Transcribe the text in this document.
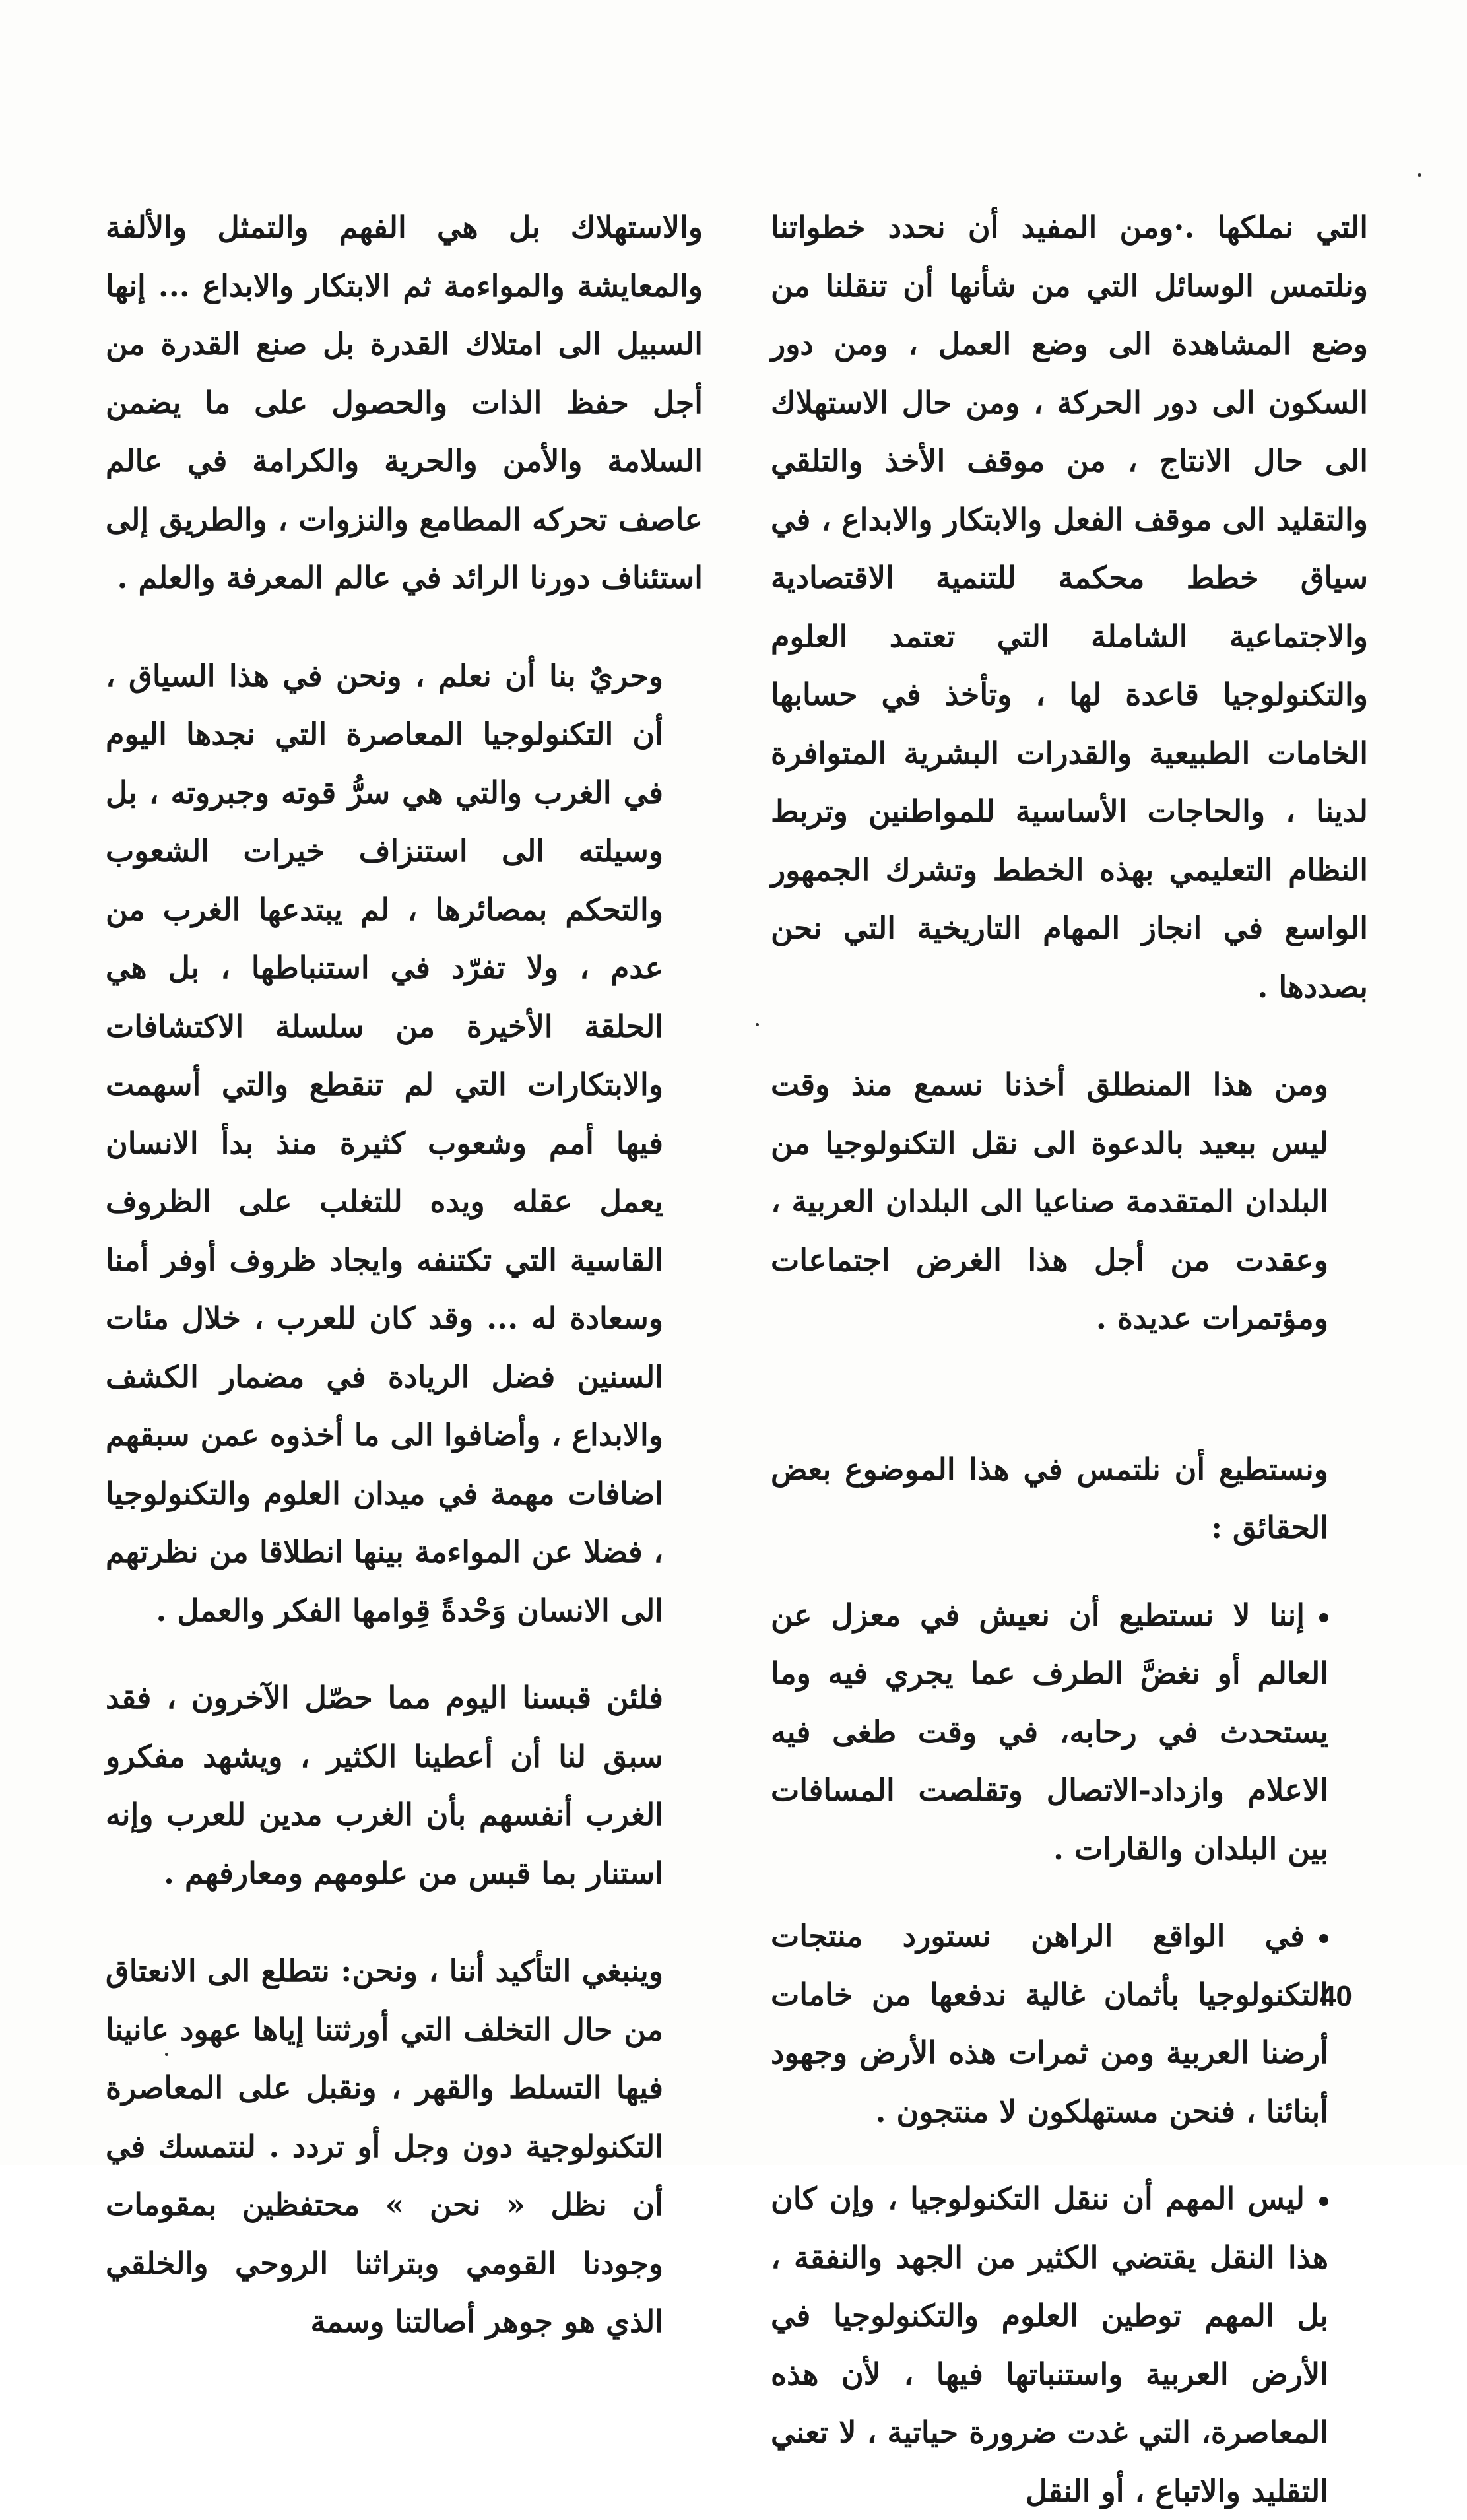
التي نملكها .·ومن المفيد أن نحدد خطواتنا ونلتمس الوسائل التي من شأنها أن تنقلنا من وضع المشاهدة الى وضع العمل ، ومن دور السكون الى دور الحركة ، ومن حال الاستهلاك الى حال الانتاج ، من موقف الأخذ والتلقي والتقليد الى موقف الفعل والابتكار والابداع ، في سياق خطط محكمة للتنمية الاقتصادية والاجتماعية الشاملة التي تعتمد العلوم والتكنولوجيا قاعدة لها ، وتأخذ في حسابها الخامات الطبيعية والقدرات البشرية المتوافرة لدينا ، والحاجات الأساسية للمواطنين وتربط النظام التعليمي بهذه الخطط وتشرك الجمهور الواسع في انجاز المهام التاريخية التي نحن بصددها .

ومن هذا المنطلق أخذنا نسمع منذ وقت ليس ببعيد بالدعوة الى نقل التكنولوجيا من البلدان المتقدمة صناعيا الى البلدان العربية ، وعقدت من أجل هذا الغرض اجتماعات ومؤتمرات عديدة .

ونستطيع أن نلتمس في هذا الموضوع بعض الحقائق :

إننا لا نستطيع أن نعيش في معزل عن العالم أو نغضَّ الطرف عما يجري فيه وما يستحدث في رحابه، في وقت طغى فيه الاعلام وازداد-الاتصال وتقلصت المسافات بين البلدان والقارات .

في الواقع الراهن نستورد منتجات التكنولوجيا بأثمان غالية ندفعها من خامات أرضنا العربية ومن ثمرات هذه الأرض وجهود أبنائنا ، فنحن مستهلكون لا منتجون .

ليس المهم أن ننقل التكنولوجيا ، وإن كان هذا النقل يقتضي الكثير من الجهد والنفقة ، بل المهم توطين العلوم والتكنولوجيا في الأرض العربية واستنباتها فيها ، لأن هذه المعاصرة، التي غدت ضرورة حياتية ، لا تعني التقليد والاتباع ، أو النقل

والاستهلاك بل هي الفهم والتمثل والألفة والمعايشة والمواءمة ثم الابتكار والابداع ... إنها السبيل الى امتلاك القدرة بل صنع القدرة من أجل حفظ الذات والحصول على ما يضمن السلامة والأمن والحرية والكرامة في عالم عاصف تحركه المطامع والنزوات ، والطريق إلى استئناف دورنا الرائد في عالم المعرفة والعلم .

وحريٌ بنا أن نعلم ، ونحن في هذا السياق ، أن التكنولوجيا المعاصرة التي نجدها اليوم في الغرب والتي هي سرُّ قوته وجبروته ، بل وسيلته الى استنزاف خيرات الشعوب والتحكم بمصائرها ، لم يبتدعها الغرب من عدم ، ولا تفرّد في استنباطها ، بل هي الحلقة الأخيرة من سلسلة الاكتشافات والابتكارات التي لم تنقطع والتي أسهمت فيها أمم وشعوب كثيرة منذ بدأ الانسان يعمل عقله ويده للتغلب على الظروف القاسية التي تكتنفه وايجاد ظروف أوفر أمنا وسعادة له ... وقد كان للعرب ، خلال مئات السنين فضل الريادة في مضمار الكشف والابداع ، وأضافوا الى ما أخذوه عمن سبقهم اضافات مهمة في ميدان العلوم والتكنولوجيا ، فضلا عن المواءمة بينها انطلاقا من نظرتهم الى الانسان وَحْدةً قِوامها الفكر والعمل .

فلئن قبسنا اليوم مما حصّل الآخرون ، فقد سبق لنا أن أعطينا الكثير ، ويشهد مفكرو الغرب أنفسهم بأن الغرب مدين للعرب وإنه استنار بما قبس من علومهم ومعارفهم .

وينبغي التأكيد أننا ، ونحن: نتطلع الى الانعتاق من حال التخلف التي أورثتنا إياها عهود عانينا فيها التسلط والقهر ، ونقبل على المعاصرة التكنولوجية دون وجل أو تردد . لنتمسك في أن نظل « نحن » محتفظين بمقومات وجودنا القومي وبتراثنا الروحي والخلقي الذي هو جوهر أصالتنا وسمة

40
